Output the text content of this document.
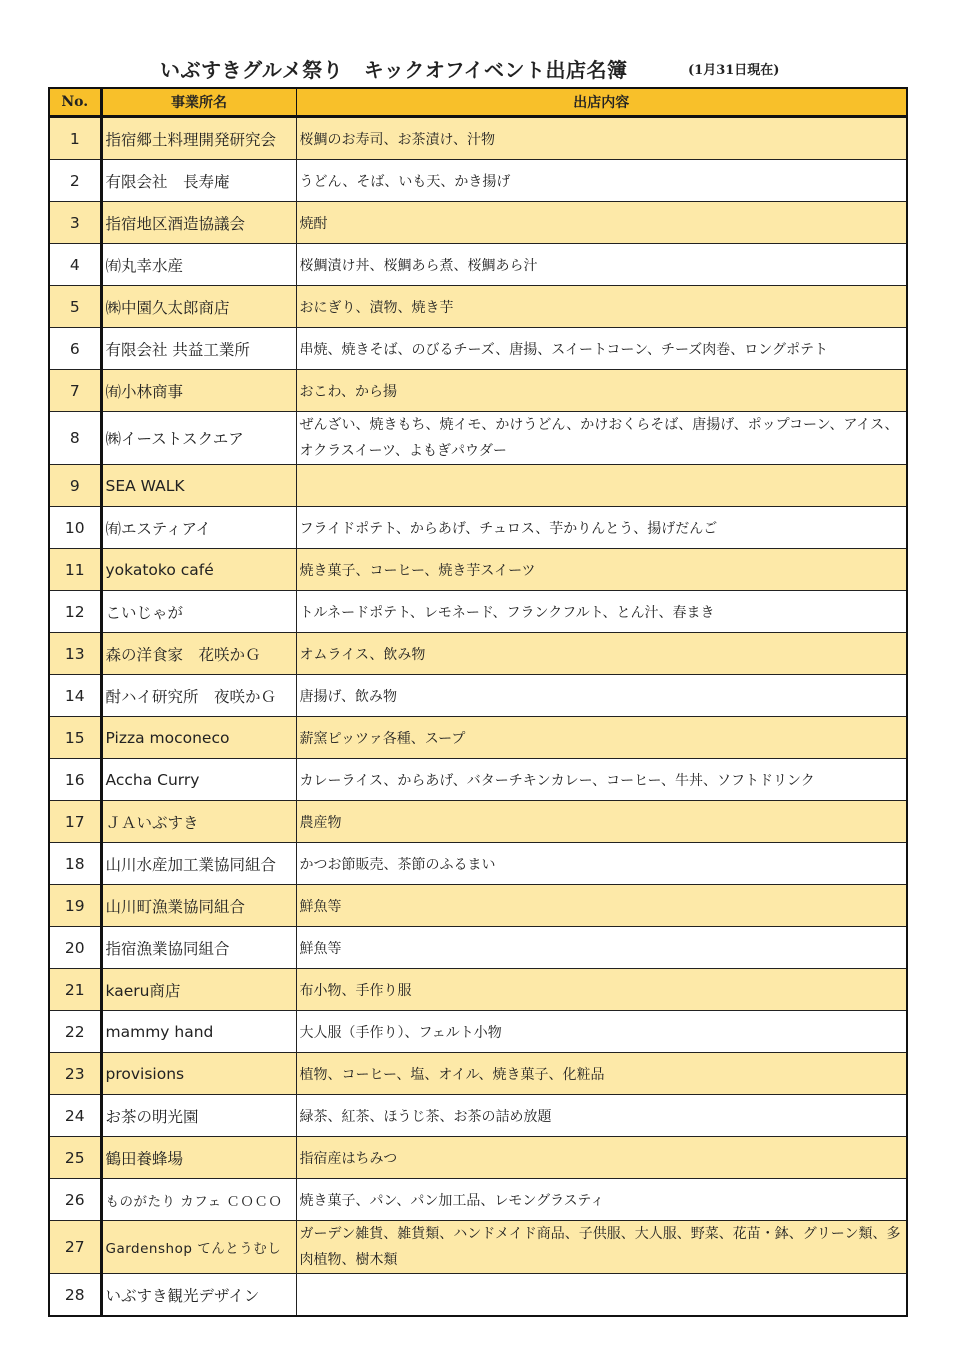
いぶすきグルメ祭り　キックオフイベント出店名簿	(1月31日現在)
No.	事業所名	出店内容
1	指宿郷土料理開発研究会	桜鯛のお寿司、お茶漬け、汁物
2	有限会社　長寿庵	うどん、そば、いも天、かき揚げ
3	指宿地区酒造協議会	焼酎
4	㈲丸幸水産	桜鯛漬け丼、桜鯛あら煮、桜鯛あら汁
5	㈱中園久太郎商店	おにぎり、漬物、焼き芋
6	有限会社 共益工業所	串焼、焼きそば、のびるチーズ、唐揚、スイートコーン、チーズ肉巻、ロングポテト
7	㈲小林商事	おこわ、から揚
8	㈱イーストスクエア	ぜんざい、焼きもち、焼イモ、かけうどん、かけおくらそば、唐揚げ、ポップコーン、アイス、オクラスイーツ、よもぎパウダー
9	SEA WALK	
10	㈲エスティアイ	フライドポテト、からあげ、チュロス、芋かりんとう、揚げだんご
11	yokatoko café	焼き菓子、コーヒー、焼き芋スイーツ
12	こいじゃが	トルネードポテト、レモネード、フランクフルト、とん汁、春まき
13	森の洋食家　花咲かＧ	オムライス、飲み物
14	酎ハイ研究所　夜咲かＧ	唐揚げ、飲み物
15	Pizza moconeco	薪窯ピッツァ各種、スープ
16	Accha Curry	カレーライス、からあげ、バターチキンカレー、コーヒー、牛丼、ソフトドリンク
17	ＪＡいぶすき	農産物
18	山川水産加工業協同組合	かつお節販売、茶節のふるまい
19	山川町漁業協同組合	鮮魚等
20	指宿漁業協同組合	鮮魚等
21	kaeru商店	布小物、手作り服
22	mammy hand	大人服（手作り）、フェルト小物
23	provisions	植物、コーヒー、塩、オイル、焼き菓子、化粧品
24	お茶の明光園	緑茶、紅茶、ほうじ茶、お茶の詰め放題
25	鶴田養蜂場	指宿産はちみつ
26	ものがたり カフェ ＣＯＣＯ	焼き菓子、パン、パン加工品、レモングラスティ
27	Gardenshop てんとうむし	ガーデン雑貨、雑貨類、ハンドメイド商品、子供服、大人服、野菜、花苗・鉢、グリーン類、多肉植物、樹木類
28	いぶすき観光デザイン	
